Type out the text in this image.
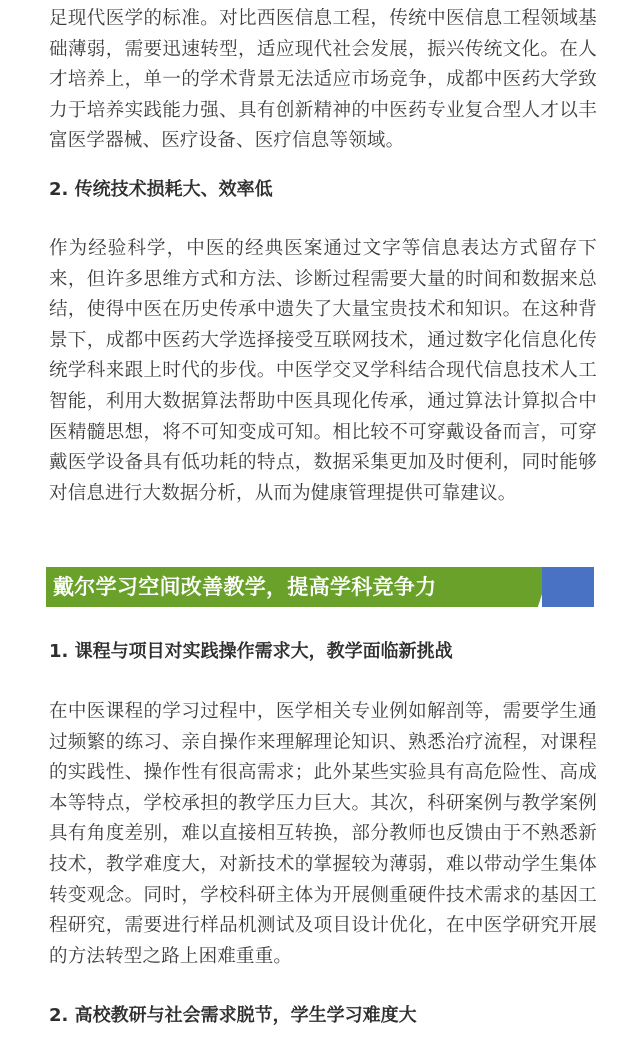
足现代医学的标准。对比西医信息工程，传统中医信息工程领域基础薄弱，需要迅速转型，适应现代社会发展，振兴传统文化。在人才培养上，单一的学术背景无法适应市场竞争，成都中医药大学致力于培养实践能力强、具有创新精神的中医药专业复合型人才以丰富医学器械、医疗设备、医疗信息等领域。

2. 传统技术损耗大、效率低

作为经验科学，中医的经典医案通过文字等信息表达方式留存下来，但许多思维方式和方法、诊断过程需要大量的时间和数据来总结，使得中医在历史传承中遗失了大量宝贵技术和知识。在这种背景下，成都中医药大学选择接受互联网技术，通过数字化信息化传统学科来跟上时代的步伐。中医学交叉学科结合现代信息技术人工智能，利用大数据算法帮助中医具现化传承，通过算法计算拟合中医精髓思想，将不可知变成可知。相比较不可穿戴设备而言，可穿戴医学设备具有低功耗的特点，数据采集更加及时便利，同时能够对信息进行大数据分析，从而为健康管理提供可靠建议。

戴尔学习空间改善教学，提高学科竞争力
1. 课程与项目对实践操作需求大，教学面临新挑战

在中医课程的学习过程中，医学相关专业例如解剖等，需要学生通过频繁的练习、亲自操作来理解理论知识、熟悉治疗流程，对课程的实践性、操作性有很高需求；此外某些实验具有高危险性、高成本等特点，学校承担的教学压力巨大。其次，科研案例与教学案例具有角度差别，难以直接相互转换，部分教师也反馈由于不熟悉新技术，教学难度大，对新技术的掌握较为薄弱，难以带动学生集体转变观念。同时，学校科研主体为开展侧重硬件技术需求的基因工程研究，需要进行样品机测试及项目设计优化，在中医学研究开展的方法转型之路上困难重重。

2. 高校教研与社会需求脱节，学生学习难度大
